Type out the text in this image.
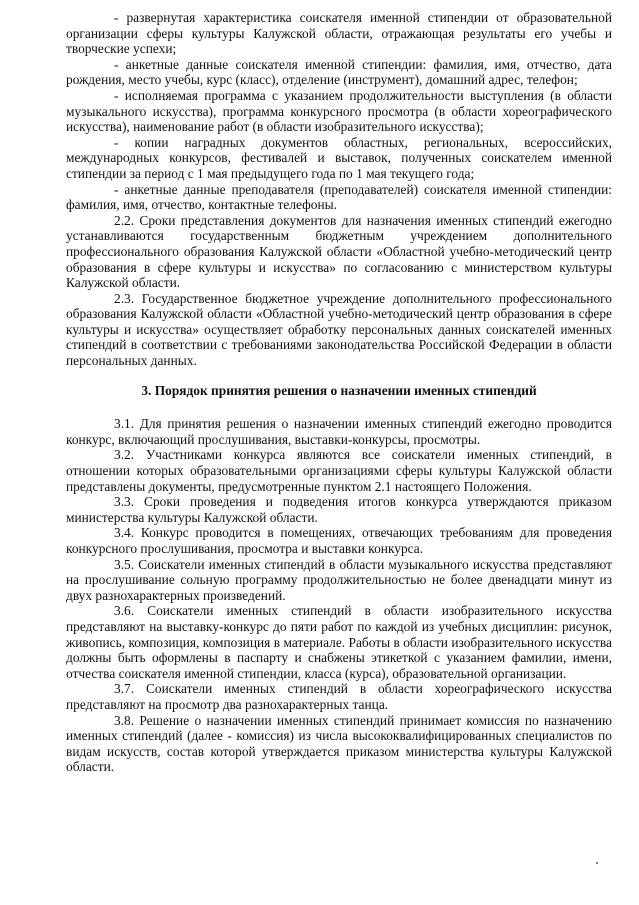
- развернутая характеристика соискателя именной стипендии от образовательной организации сферы культуры Калужской области, отражающая результаты его учебы и творческие успехи;

- анкетные данные соискателя именной стипендии: фамилия, имя, отчество, дата рождения, место учебы, курс (класс), отделение (инструмент), домашний адрес, телефон;

- исполняемая программа с указанием продолжительности выступления (в области музыкального искусства), программа конкурсного просмотра (в области хореографического искусства), наименование работ (в области изобразительного искусства);

- копии наградных документов областных, региональных, всероссийских, международных конкурсов, фестивалей и выставок, полученных соискателем именной стипендии за период с 1 мая предыдущего года по 1 мая текущего года;

- анкетные данные преподавателя (преподавателей) соискателя именной стипендии: фамилия, имя, отчество, контактные телефоны.

2.2. Сроки представления документов для назначения именных стипендий ежегодно устанавливаются государственным бюджетным учреждением дополнительного профессионального образования Калужской области «Областной учебно-методический центр образования в сфере культуры и искусства» по согласованию с министерством культуры Калужской области.

2.3. Государственное бюджетное учреждение дополнительного профессионального образования Калужской области «Областной учебно-методический центр образования в сфере культуры и искусства» осуществляет обработку персональных данных соискателей именных стипендий в соответствии с требованиями законодательства Российской Федерации в области персональных данных.

3. Порядок принятия решения о назначении именных стипендий

3.1. Для принятия решения о назначении именных стипендий ежегодно проводится конкурс, включающий прослушивания, выставки-конкурсы, просмотры.

3.2. Участниками конкурса являются все соискатели именных стипендий, в отношении которых образовательными организациями сферы культуры Калужской области представлены документы, предусмотренные пунктом 2.1 настоящего Положения.

3.3. Сроки проведения и подведения итогов конкурса утверждаются приказом министерства культуры Калужской области.

3.4. Конкурс проводится в помещениях, отвечающих требованиям для проведения конкурсного прослушивания, просмотра и выставки конкурса.

3.5. Соискатели именных стипендий в области музыкального искусства представляют на прослушивание сольную программу продолжительностью не более двенадцати минут из двух разнохарактерных произведений.

3.6. Соискатели именных стипендий в области изобразительного искусства представляют на выставку-конкурс до пяти работ по каждой из учебных дисциплин: рисунок, живопись, композиция, композиция в материале. Работы в области изобразительного искусства должны быть оформлены в паспарту и снабжены этикеткой с указанием фамилии, имени, отчества соискателя именной стипендии, класса (курса), образовательной организации.

3.7. Соискатели именных стипендий в области хореографического искусства представляют на просмотр два разнохарактерных танца.

3.8. Решение о назначении именных стипендий принимает комиссия по назначению именных стипендий (далее - комиссия) из числа высококвалифицированных специалистов по видам искусств, состав которой утверждается приказом министерства культуры Калужской области.
